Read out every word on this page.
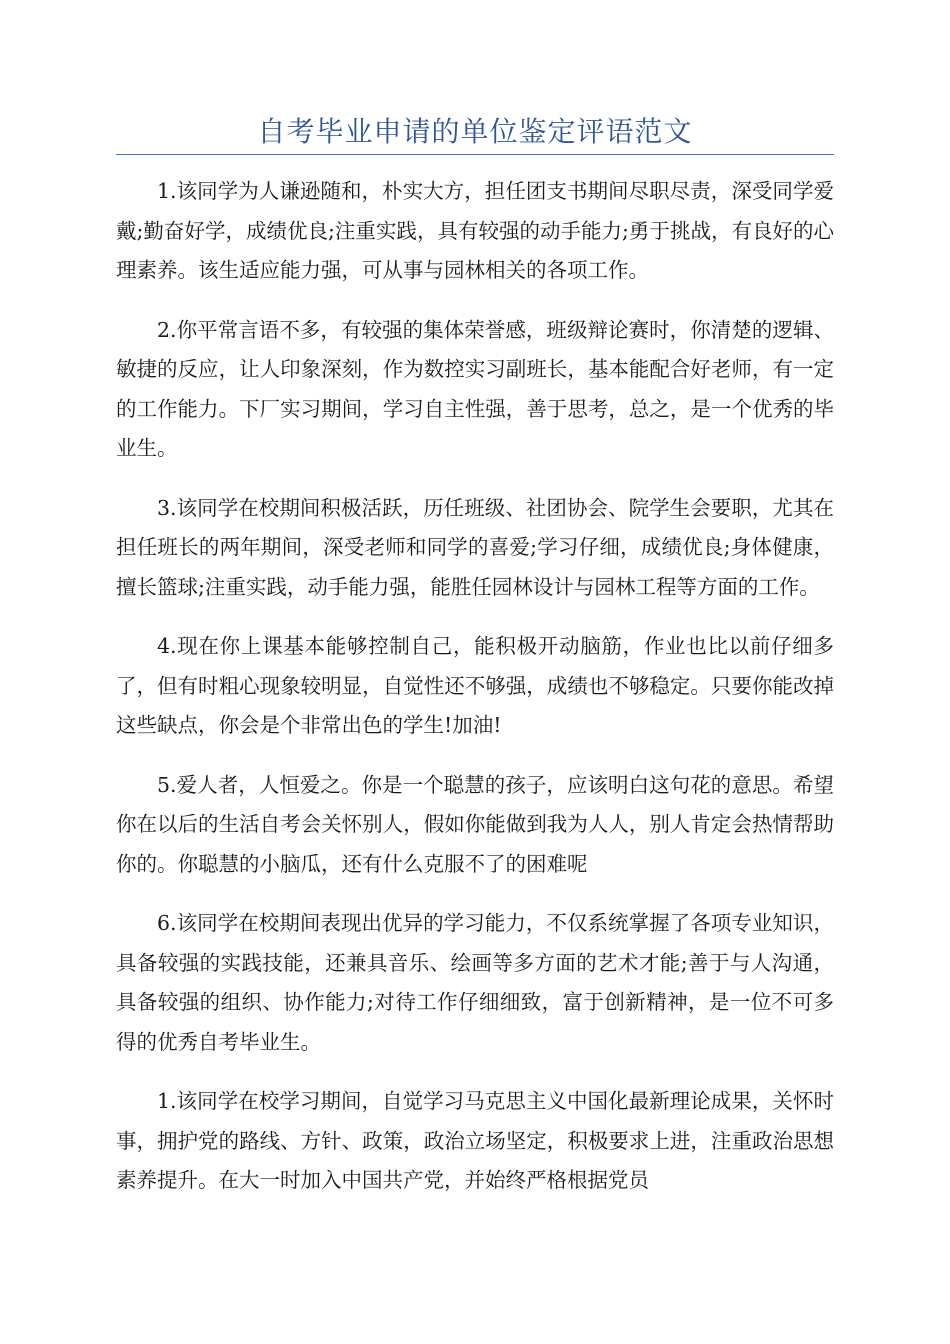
自考毕业申请的单位鉴定评语范文

1.该同学为人谦逊随和，朴实大方，担任团支书期间尽职尽责，深受同学爱戴;勤奋好学，成绩优良;注重实践，具有较强的动手能力;勇于挑战，有良好的心理素养。该生适应能力强，可从事与园林相关的各项工作。

2.你平常言语不多，有较强的集体荣誉感，班级辩论赛时，你清楚的逻辑、敏捷的反应，让人印象深刻，作为数控实习副班长，基本能配合好老师，有一定的工作能力。下厂实习期间，学习自主性强，善于思考，总之，是一个优秀的毕业生。

3.该同学在校期间积极活跃，历任班级、社团协会、院学生会要职，尤其在担任班长的两年期间，深受老师和同学的喜爱;学习仔细，成绩优良;身体健康，擅长篮球;注重实践，动手能力强，能胜任园林设计与园林工程等方面的工作。

4.现在你上课基本能够控制自己，能积极开动脑筋，作业也比以前仔细多了，但有时粗心现象较明显，自觉性还不够强，成绩也不够稳定。只要你能改掉这些缺点，你会是个非常出色的学生!加油!

5.爱人者，人恒爱之。你是一个聪慧的孩子，应该明白这句花的意思。希望你在以后的生活自考会关怀别人，假如你能做到我为人人，别人肯定会热情帮助你的。你聪慧的小脑瓜，还有什么克服不了的困难呢

6.该同学在校期间表现出优异的学习能力，不仅系统掌握了各项专业知识，具备较强的实践技能，还兼具音乐、绘画等多方面的艺术才能;善于与人沟通，具备较强的组织、协作能力;对待工作仔细细致，富于创新精神，是一位不可多得的优秀自考毕业生。

1.该同学在校学习期间，自觉学习马克思主义中国化最新理论成果，关怀时事，拥护党的路线、方针、政策，政治立场坚定，积极要求上进，注重政治思想素养提升。在大一时加入中国共产党，并始终严格根据党员
